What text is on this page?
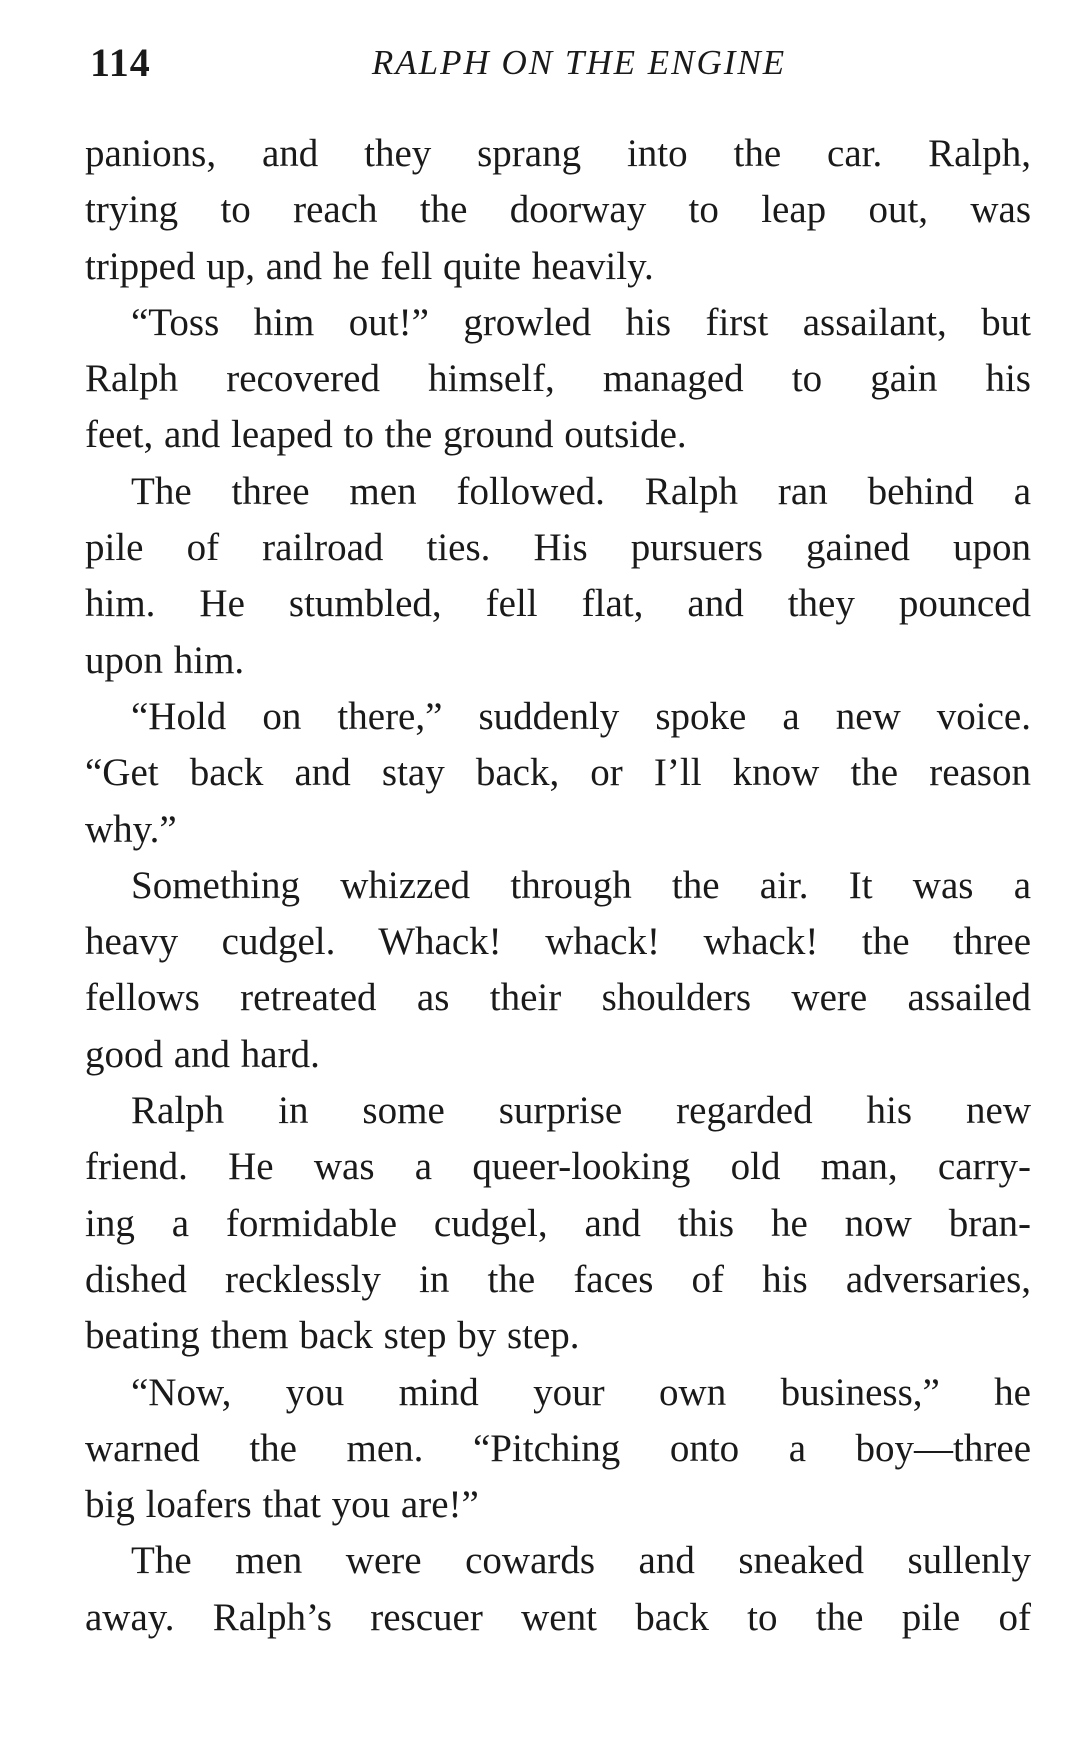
114	RALPH ON THE ENGINE

panions, and they sprang into the car. Ralph,
trying to reach the doorway to leap out, was
tripped up, and he fell quite heavily.

“Toss him out!” growled his first assailant, but
Ralph recovered himself, managed to gain his
feet, and leaped to the ground outside.

The three men followed. Ralph ran behind a
pile of railroad ties. His pursuers gained upon
him. He stumbled, fell flat, and they pounced
upon him.

“Hold on there,” suddenly spoke a new voice.
“Get back and stay back, or I’ll know the reason
why.”

Something whizzed through the air. It was a
heavy cudgel. Whack! whack! whack! the three
fellows retreated as their shoulders were assailed
good and hard.

Ralph in some surprise regarded his new
friend. He was a queer-looking old man, carry-
ing a formidable cudgel, and this he now bran-
dished recklessly in the faces of his adversaries,
beating them back step by step.

“Now, you mind your own business,” he
warned the men. “Pitching onto a boy—three
big loafers that you are!”

The men were cowards and sneaked sullenly
away. Ralph’s rescuer went back to the pile of
